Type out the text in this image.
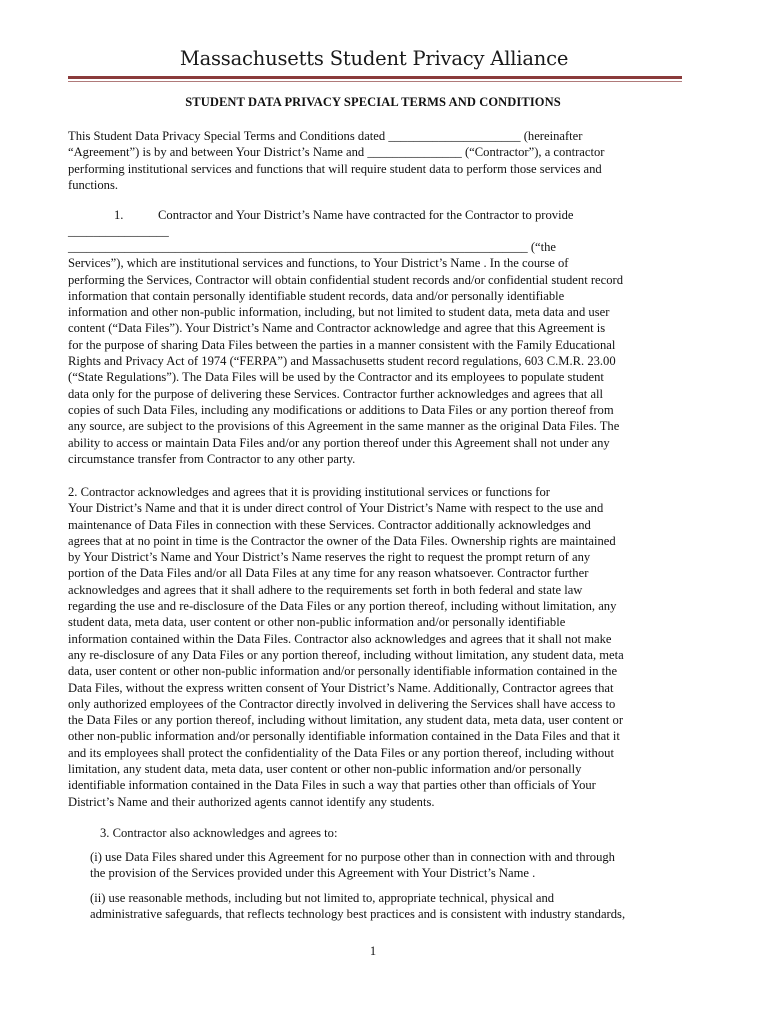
Massachusetts Student Privacy Alliance
STUDENT DATA PRIVACY SPECIAL TERMS AND CONDITIONS

This Student Data Privacy Special Terms and Conditions dated _____________________ (hereinafter
“Agreement”) is by and between Your District’s Name and _______________ (“Contractor”), a contractor
performing institutional services and functions that will require student data to perform those services and
functions.

1.	Contractor and Your District’s Name have contracted for the Contractor to provide

________________

_________________________________________________________________________ (“the
Services”), which are institutional services and functions, to Your District’s Name . In the course of
performing the Services, Contractor will obtain confidential student records and/or confidential student record
information that contain personally identifiable student records, data and/or personally identifiable
information and other non-public information, including, but not limited to student data, meta data and user
content (“Data Files”). Your District’s Name and Contractor acknowledge and agree that this Agreement is
for the purpose of sharing Data Files between the parties in a manner consistent with the Family Educational
Rights and Privacy Act of 1974 (“FERPA”) and Massachusetts student record regulations, 603 C.M.R. 23.00
(“State Regulations”). The Data Files will be used by the Contractor and its employees to populate student
data only for the purpose of delivering these Services. Contractor further acknowledges and agrees that all
copies of such Data Files, including any modifications or additions to Data Files or any portion thereof from
any source, are subject to the provisions of this Agreement in the same manner as the original Data Files. The
ability to access or maintain Data Files and/or any portion thereof under this Agreement shall not under any
circumstance transfer from Contractor to any other party.

2. Contractor acknowledges and agrees that it is providing institutional services or functions for
Your District’s Name and that it is under direct control of Your District’s Name with respect to the use and
maintenance of Data Files in connection with these Services. Contractor additionally acknowledges and
agrees that at no point in time is the Contractor the owner of the Data Files. Ownership rights are maintained
by Your District’s Name and Your District’s Name reserves the right to request the prompt return of any
portion of the Data Files and/or all Data Files at any time for any reason whatsoever. Contractor further
acknowledges and agrees that it shall adhere to the requirements set forth in both federal and state law
regarding the use and re-disclosure of the Data Files or any portion thereof, including without limitation, any
student data, meta data, user content or other non-public information and/or personally identifiable
information contained within the Data Files. Contractor also acknowledges and agrees that it shall not make
any re-disclosure of any Data Files or any portion thereof, including without limitation, any student data, meta
data, user content or other non-public information and/or personally identifiable information contained in the
Data Files, without the express written consent of Your District’s Name. Additionally, Contractor agrees that
only authorized employees of the Contractor directly involved in delivering the Services shall have access to
the Data Files or any portion thereof, including without limitation, any student data, meta data, user content or
other non-public information and/or personally identifiable information contained in the Data Files and that it
and its employees shall protect the confidentiality of the Data Files or any portion thereof, including without
limitation, any student data, meta data, user content or other non-public information and/or personally
identifiable information contained in the Data Files in such a way that parties other than officials of Your
District’s Name and their authorized agents cannot identify any students.

3. Contractor also acknowledges and agrees to:

(i) use Data Files shared under this Agreement for no purpose other than in connection with and through
the provision of the Services provided under this Agreement with Your District’s Name .

(ii) use reasonable methods, including but not limited to, appropriate technical, physical and
administrative safeguards, that reflects technology best practices and is consistent with industry standards,

1
